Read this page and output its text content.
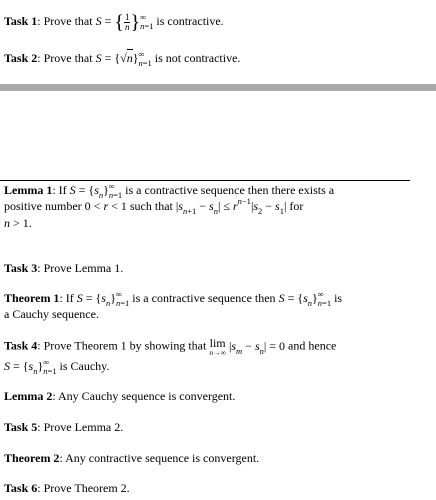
Task 1: Prove that S = { $\frac{1}{n}$ } ∞
n=1 is contractive.
Task 2: Prove that S = {√n} ∞
n=1 is not contractive.
Lemma 1: If $S = \{s_n\}$ ∞
n=1 is a contractive sequence then there exists a
positive number 0 < r < 1 such that $|s_{n+1} - s_n| \le r^{n-1}|s_2 - s_1|$ for
n > 1.
Task 3: Prove Lemma 1.
Theorem 1: If $S = \{s_n\}$ ∞
n=1 is a contractive sequence then $S = \{s_n\}$ ∞
n=1 is
a Cauchy sequence.
Task 4: Prove Theorem 1 by showing that lim
n→∞ $|s_m - s_n| = 0$ and hence
$S = \{s_n\}$ ∞
n=1 is Cauchy.
Lemma 2: Any Cauchy sequence is convergent.
Task 5: Prove Lemma 2.
Theorem 2: Any contractive sequence is convergent.
Task 6: Prove Theorem 2.
